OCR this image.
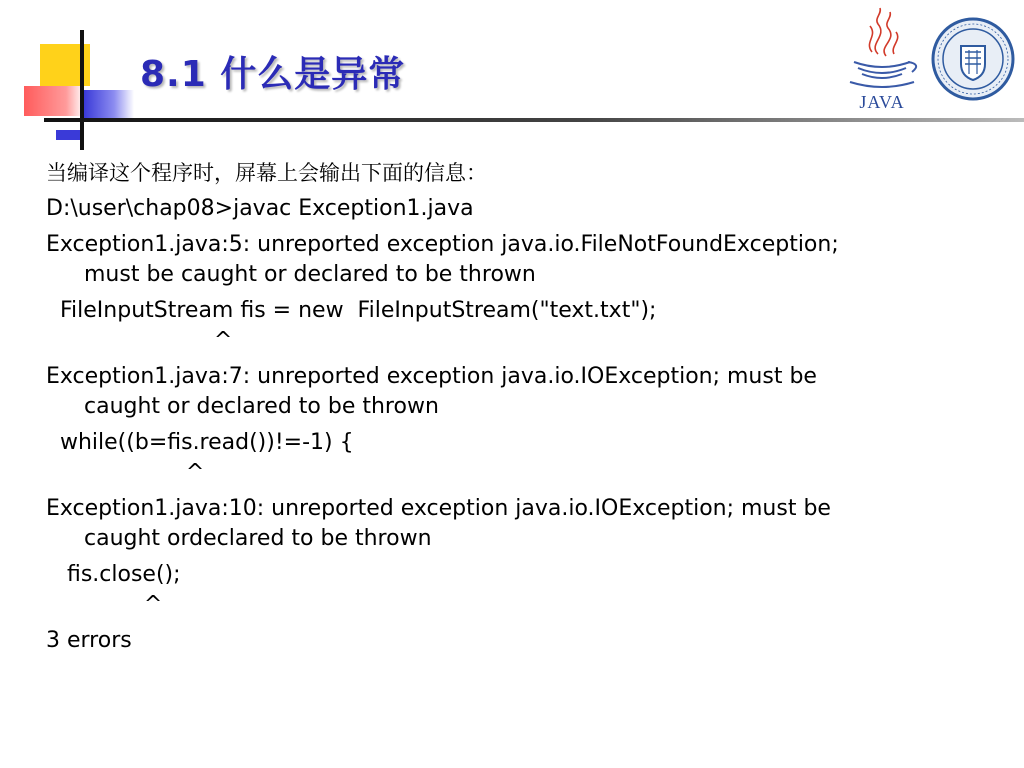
8.1 什么是异常
JAVA
当编译这个程序时，屏幕上会输出下面的信息：
D:\user\chap08>javac Exception1.java
Exception1.java:5: unreported exception java.io.FileNotFoundException;
must be caught or declared to be thrown
FileInputStream fis = new  FileInputStream("text.txt");
^
Exception1.java:7: unreported exception java.io.IOException; must be
caught or declared to be thrown
while((b=fis.read())!=-1) {
^
Exception1.java:10: unreported exception java.io.IOException; must be
caught ordeclared to be thrown
fis.close();
^
3 errors
